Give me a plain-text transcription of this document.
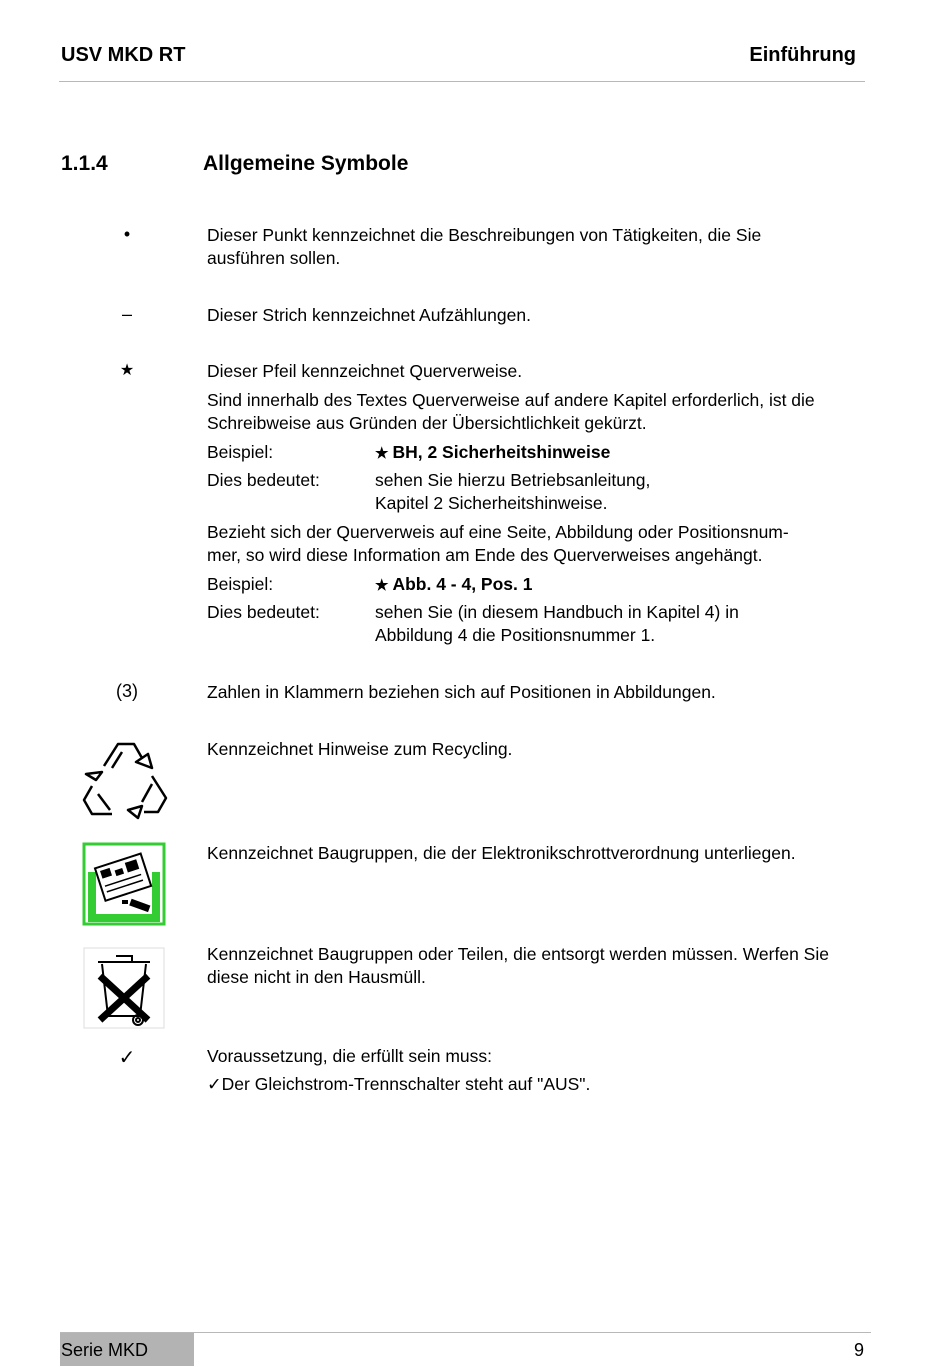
USV MKD RT	Einführung
1.1.4	Allgemeine Symbole
•	Dieser Punkt kennzeichnet die Beschreibungen von Tätigkeiten, die Sie ausführen sollen.
–	Dieser Strich kennzeichnet Aufzählungen.
★	Dieser Pfeil kennzeichnet Querverweise.
Sind innerhalb des Textes Querverweise auf andere Kapitel erforderlich, ist die Schreibweise aus Gründen der Übersichtlichkeit gekürzt.
Beispiel:	★ BH, 2 Sicherheitshinweise
Dies bedeutet:	sehen Sie hierzu Betriebsanleitung,
Kapitel 2 Sicherheitshinweise.
Bezieht sich der Querverweis auf eine Seite, Abbildung oder Positionsnum-
mer, so wird diese Information am Ende des Querverweises angehängt.
Beispiel:	★ Abb. 4 - 4, Pos. 1
Dies bedeutet:	sehen Sie (in diesem Handbuch in Kapitel 4) in
Abbildung 4 die Positionsnummer 1.
(3)	Zahlen in Klammern beziehen sich auf Positionen in Abbildungen.
Kennzeichnet Hinweise zum Recycling.
Kennzeichnet Baugruppen, die der Elektronikschrottverordnung unterliegen.
Kennzeichnet Baugruppen oder Teilen, die entsorgt werden müssen. Werfen Sie diese nicht in den Hausmüll.
✓	Voraussetzung, die erfüllt sein muss:
✓Der Gleichstrom-Trennschalter steht auf "AUS".
Serie MKD	9
